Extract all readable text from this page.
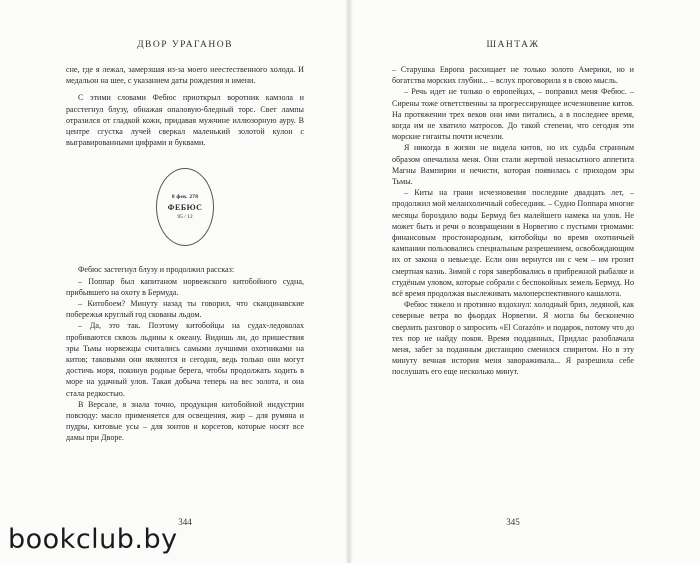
ДВОР УРАГАНОВ

сне, где я лежал, замерзшая из-за моего неестественного холода. И медальон на шее, с указанием даты рождения и имени.

С этими словами Фебюс приоткрыл воротник камзола и расстегнул блузу, обнажая опаловую-бледный торс. Свет лампы отразился от гладкой кожи, придавая мужчине иллюзорную ауру. В центре сгустка лучей сверкал маленький золотой кулон с выгравированными цифрами и буквами.

8 фев. 278
ФЕБЮС
95 / 12

Фебюс застегнул блузу и продолжил рассказ:

– Поппар был капитаном норвежского китобойного судна, прибывшего на охоту в Бермуда.

– Китобоем? Минуту назад ты говорил, что скандинавские побережья круглый год скованы льдом.

– Да, это так. Поэтому китобойцы на судах-ледоколах пробиваются сквозь льдины к океану. Видишь ли, до пришествия эры Тьмы норвежцы считались самыми лучшими охотниками на китов; таковыми они являются и сегодня, ведь только они могут достичь моря, покинув родные берега, чтобы продолжать ходить в море на удачный улов. Такая добыча теперь на вес золота, и она стала редкостью.

В Версале, я знала точно, продукция китобойной индустрии повсюду: масло применяется для освещения, жир – для румяна и пудры, китовые усы – для зонтов и корсетов, которые носят все дамы при Дворе.

344
ШАНТАЖ

– Старушка Европа расхищает не только золото Америки, но и богатства морских глубин... – вслух проговорила я в свою мысль.

– Речь идет не только о европейцах, – поправил меня Фебюс. – Сирены тоже ответственны за прогрессирующее исчезновение китов. На протяжении трех веков они ими питались, а в последнее время, когда им не хватило матросов. До такой степени, что сегодня эти морские гиганты почти исчезли.

Я никогда в жизни не видела китов, но их судьба странным образом опечалила меня. Они стали жертвой ненасытного аппетита Магны Вампирии и нечисти, которая появилась с приходом эры Тьмы.

– Киты на грани исчезновения последние двадцать лет, – продолжил мой меланхоличный собеседник. – Судно Поппара многие месяцы бороздило воды Бермуд без малейшего намека на улов. Не может быть и речи о возвращении в Норвегию с пустыми трюмами: финансовым простонародным, китобойцы во время охотничьей кампании пользовались специальным разрешением, освобождающим их от закона о невыезде. Если они вернутся ни с чем – им грозит смертная казнь. Зимой с горя завербовались в прибрежной рыбалке и студёным уловом, которые собрали с беспокойных земель Бермуд. Но всё время продолжая выслеживать малоперспективного кашалота.

Фебюс тяжело и противно вздохнул: холодный бриз, ледяной, как северные ветра во фьордах Норвегии. Я могла бы бесконечно сверлить разговор о запросить «El Corazón» и подарок, потому что до тех пор не найду покоя. Время подданных, Придлас разоблачала меня, забет за поданным дистанцию сменился спиритом. Но в эту минуту вечная история меня завораживала... Я разрешила себе послушать его еще несколько минут.

345
bookclub.by
